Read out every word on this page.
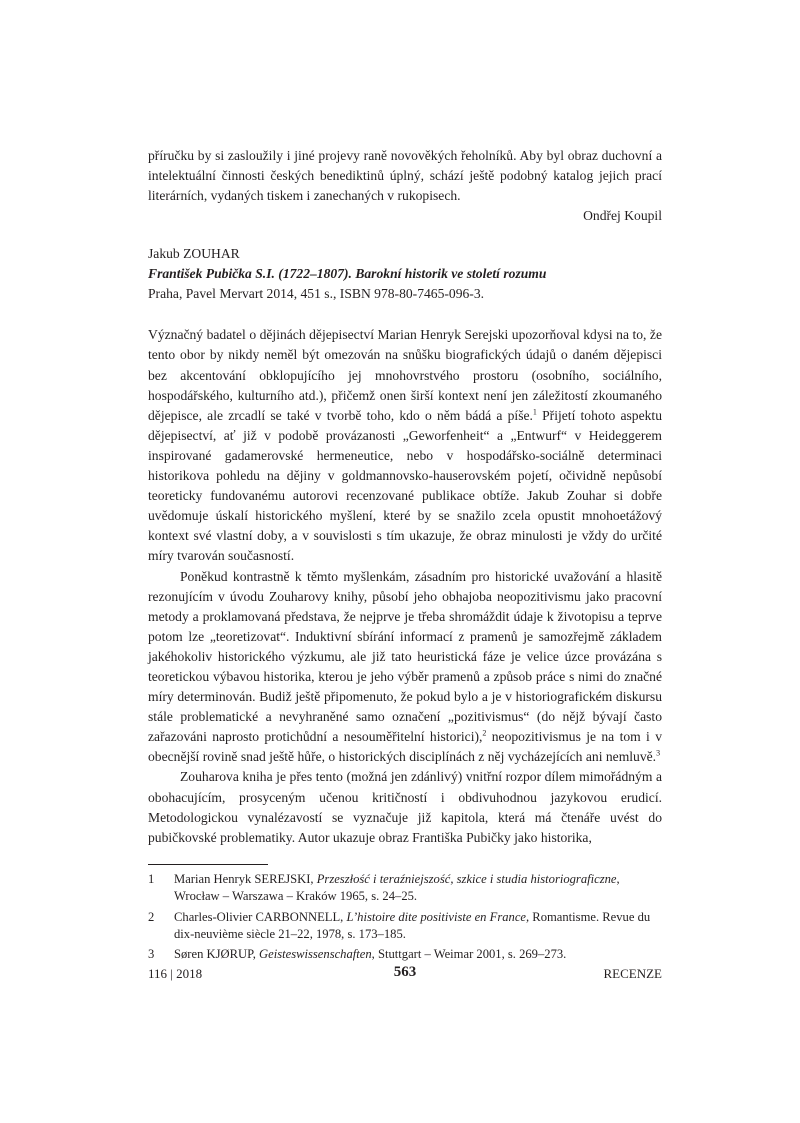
příručku by si zasloužily i jiné projevy raně novověkých řeholníků. Aby byl obraz duchovní a intelektuální činnosti českých benediktinů úplný, schází ještě podobný katalog jejich prací literárních, vydaných tiskem i zanechaných v rukopisech.

Ondřej Koupil

Jakub ZOUHAR
František Pubička S.I. (1722–1807). Barokní historik ve století rozumu
Praha, Pavel Mervart 2014, 451 s., ISBN 978-80-7465-096-3.

Význačný badatel o dějinách dějepisectví Marian Henryk Serejski upozorňoval kdysi na to, že tento obor by nikdy neměl být omezován na snůšku biografických údajů o daném dějepisci bez akcentování obklopujícího jej mnohovrstvého prostoru (osobního, sociálního, hospodářského, kulturního atd.), přičemž onen širší kontext není jen záležitostí zkoumaného dějepisce, ale zrcadlí se také v tvorbě toho, kdo o něm bádá a píše.$^1$ Přijetí tohoto aspektu dějepisectví, ať již v podobě provázanosti „Geworfenheit“ a „Entwurf“ v Heideggerem inspirované gadamerovské hermeneutice, nebo v hospodářsko-sociálně determinaci historikova pohledu na dějiny v goldmannovsko-hauserovském pojetí, očividně nepůsobí teoreticky fundovanému autorovi recenzované publikace obtíže. Jakub Zouhar si dobře uvědomuje úskalí historického myšlení, které by se snažilo zcela opustit mnohoetážový kontext své vlastní doby, a v souvislosti s tím ukazuje, že obraz minulosti je vždy do určité míry tvarován současností.

Poněkud kontrastně k těmto myšlenkám, zásadním pro historické uvažování a hlasitě rezonujícím v úvodu Zouharovy knihy, působí jeho obhajoba neopozitivismu jako pracovní metody a proklamovaná představa, že nejprve je třeba shromáždit údaje k životopisu a teprve potom lze „teoretizovat“. Induktivní sbírání informací z pramenů je samozřejmě základem jakéhokoliv historického výzkumu, ale již tato heuristická fáze je velice úzce provázána s teoretickou výbavou historika, kterou je jeho výběr pramenů a způsob práce s nimi do značné míry determinován. Budiž ještě připomenuto, že pokud bylo a je v historiografickém diskursu stále problematické a nevyhraněné samo označení „pozitivismus“ (do nějž bývají často zařazováni naprosto protichůdní a nesouměřitelní historici),$^2$ neopozitivismus je na tom i v obecnější rovině snad ještě hůře, o historických disciplínách z něj vycházejících ani nemluvě.$^3$

Zouharova kniha je přes tento (možná jen zdánlivý) vnitřní rozpor dílem mimořádným a obohacujícím, prosyceným učenou kritičností i obdivuhodnou jazykovou erudicí. Metodologickou vynalézavostí se vyznačuje již kapitola, která má čtenáře uvést do pubičkovské problematiky. Autor ukazuje obraz Františka Pubičky jako historika,

1	Marian Henryk SEREJSKI, Przeszłość i teraźniejszość, szkice i studia historiograficzne, Wrocław – Warszawa – Kraków 1965, s. 24–25.
2	Charles-Olivier CARBONNELL, L’histoire dite positiviste en France, Romantisme. Revue du dix-neuvième siècle 21–22, 1978, s. 173–185.
3	Søren KJØRUP, Geisteswissenschaften, Stuttgart – Weimar 2001, s. 269–273.
116 | 2018	563	RECENZE
